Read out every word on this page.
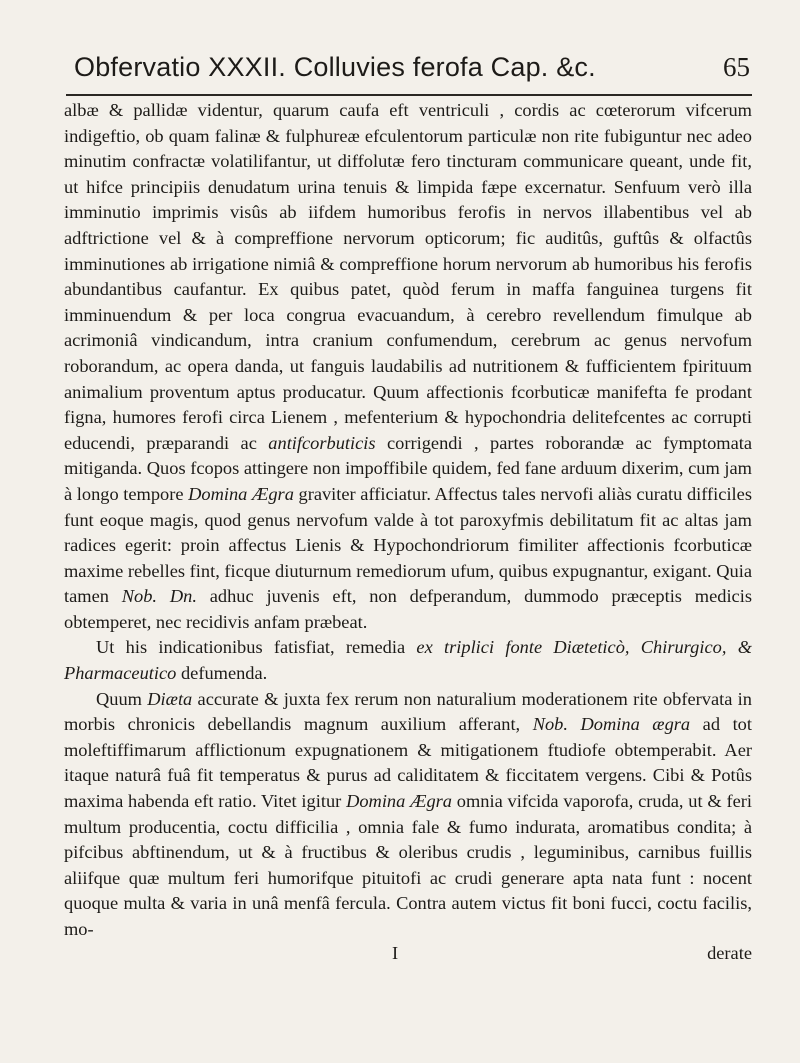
Obfervatio XXXII. Colluvies ferofa Cap. &c.	65

albæ & pallidæ videntur, quarum caufa eft ventriculi , cordis ac cœterorum vifcerum indigeftio, ob quam falinæ & fulphureæ efculentorum particulæ non rite fubiguntur nec adeo minutim confractæ volatilifantur, ut diffolutæ fero tincturam communicare queant, unde fit, ut hifce principiis denudatum urina tenuis & limpida fæpe excernatur. Senfuum verò illa imminutio imprimis visûs ab iifdem humoribus ferofis in nervos illabentibus vel ab adftrictione vel & à compreffione nervorum opticorum; fic auditûs, guftûs & olfactûs imminutiones ab irrigatione nimiâ & compreffione horum nervorum ab humoribus his ferofis abundantibus caufantur. Ex quibus patet, quòd ferum in maffa fanguinea turgens fit imminuendum & per loca congrua evacuandum, à cerebro revellendum fimulque ab acrimoniâ vindicandum, intra cranium confumendum, cerebrum ac genus nervofum roborandum, ac opera danda, ut fanguis laudabilis ad nutritionem & fufficientem fpirituum animalium proventum aptus producatur. Quum affectionis fcorbuticæ manifefta fe prodant figna, humores ferofi circa Lienem , mefenterium & hypochondria delitefcentes ac corrupti educendi, præparandi ac antifcorbuticis corrigendi , partes roborandæ ac fymptomata mitiganda. Quos fcopos attingere non impoffibile quidem, fed fane arduum dixerim, cum jam à longo tempore Domina Ægra graviter afficiatur. Affectus tales nervofi aliàs curatu difficiles funt eoque magis, quod genus nervofum valde à tot paroxyfmis debilitatum fit ac altas jam radices egerit: proin affectus Lienis & Hypochondriorum fimiliter affectionis fcorbuticæ maxime rebelles fint, ficque diuturnum remediorum ufum, quibus expugnantur, exigant. Quia tamen Nob. Dn. adhuc juvenis eft, non defperandum, dummodo præceptis medicis obtemperet, nec recidivis anfam præbeat.

Ut his indicationibus fatisfiat, remedia ex triplici fonte Diæteticò, Chirurgico, & Pharmaceutico defumenda.

Quum Diæta accurate & juxta fex rerum non naturalium moderationem rite obfervata in morbis chronicis debellandis magnum auxilium afferant, Nob. Domina ægra ad tot moleftiffimarum afflictionum expugnationem & mitigationem ftudiofe obtemperabit. Aer itaque naturâ fuâ fit temperatus & purus ad caliditatem & ficcitatem vergens. Cibi & Potûs maxima habenda eft ratio. Vitet igitur Domina Ægra omnia vifcida vaporofa, cruda, ut & feri multum producentia, coctu difficilia , omnia fale & fumo indurata, aromatibus condita; à pifcibus abftinendum, ut & à fructibus & oleribus crudis , leguminibus, carnibus fuillis aliifque quæ multum feri humorifque pituitofi ac crudi generare apta nata funt : nocent quoque multa & varia in unâ menfâ fercula. Contra autem victus fit boni fucci, coctu facilis, mo-

I	derate
